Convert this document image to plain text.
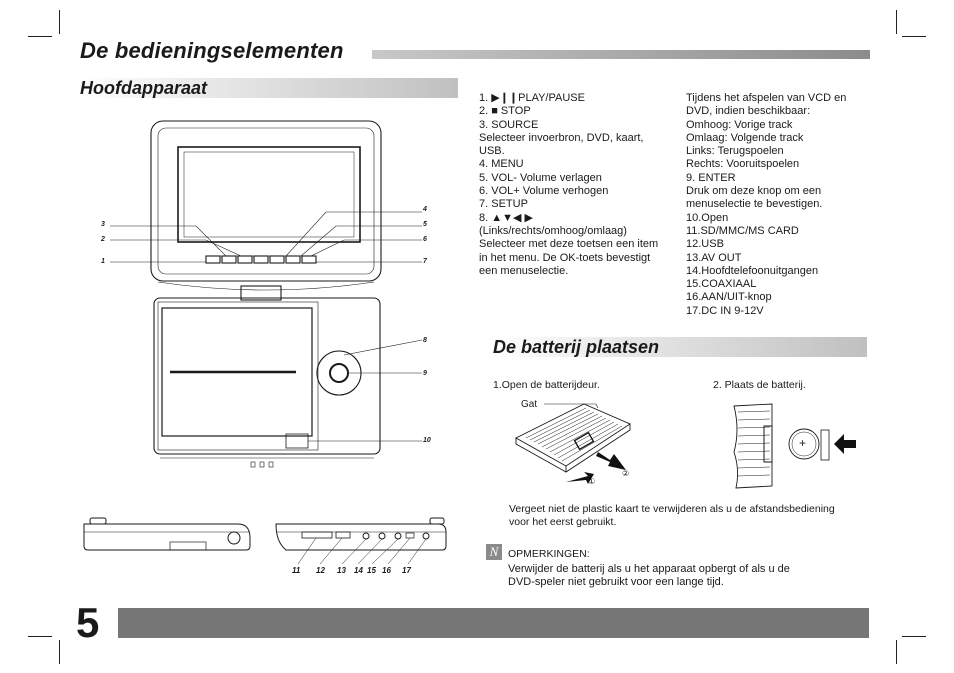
De bedieningselementen
Hoofdapparaat
3
2
1
4
5
6
7
8
9
10
11 12 13 14 15 16 17
1. ▶❙❙PLAY/PAUSE
2. ■ STOP
3. SOURCE
Selecteer invoerbron, DVD, kaart,
USB.
4. MENU
5. VOL- Volume verlagen
6. VOL+ Volume verhogen
7. SETUP
8. ▲▼◀ ▶
(Links/rechts/omhoog/omlaag)
Selecteer met deze toetsen een item
in het menu. De OK-toets bevestigt
een menuselectie.
Tijdens het afspelen van VCD en
DVD, indien beschikbaar:
Omhoog: Vorige track
Omlaag: Volgende track
Links: Terugspoelen
Rechts: Vooruitspoelen
9. ENTER
Druk om deze knop om een
menuselectie te bevestigen.
10.Open
11.SD/MMC/MS CARD
12.USB
13.AV OUT
14.Hoofdtelefoonuitgangen
15.COAXIAAL
16.AAN/UIT-knop
17.DC IN 9-12V
De batterij plaatsen
1.Open de batterijdeur.	2. Plaats de batterij.
Gat
①
②
+
Vergeet niet de plastic kaart te verwijderen als u de afstandsbediening
voor het eerst gebruikt.
N OPMERKINGEN:
Verwijder de batterij als u het apparaat opbergt of als u de
DVD-speler niet gebruikt voor een lange tijd.
5
